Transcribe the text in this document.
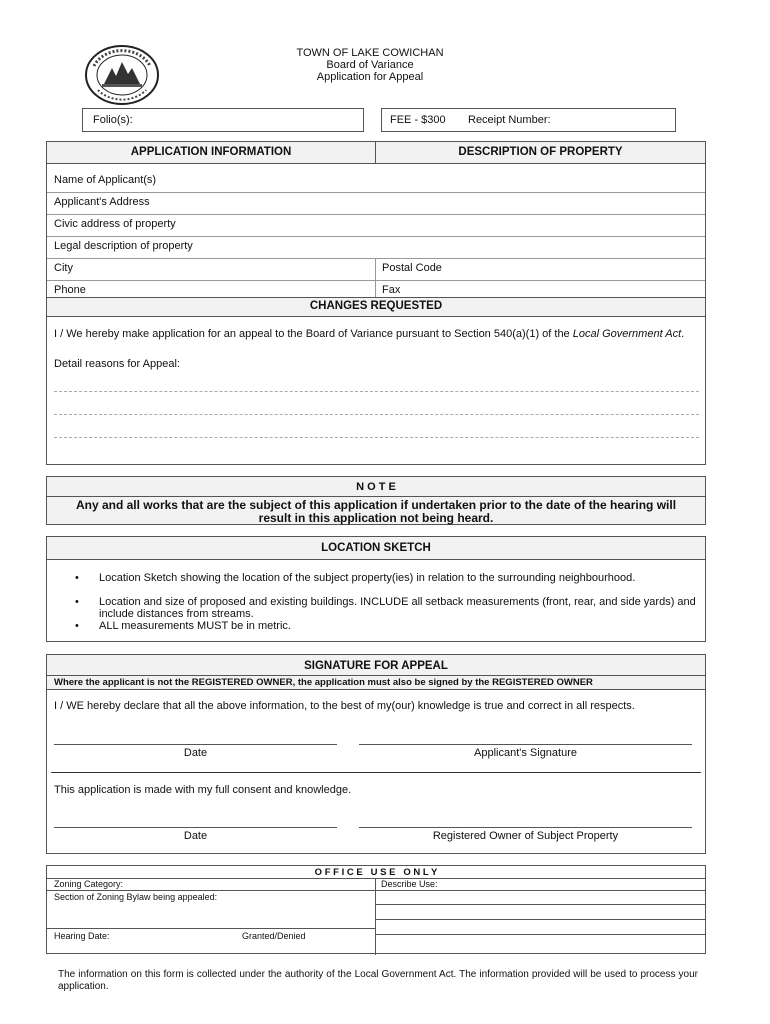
TOWN OF LAKE COWICHAN
Board of Variance
Application for Appeal
Folio(s):	FEE - $300 Receipt Number:
APPLICATION INFORMATION	DESCRIPTION OF PROPERTY
Name of Applicant(s)
Applicant's Address
Civic address of property
Legal description of property
City	Postal Code
Phone	Fax
CHANGES REQUESTED
I / We hereby make application for an appeal to the Board of Variance pursuant to Section 540(a)(1) of the Local Government Act.
Detail reasons for Appeal:
N O T E
Any and all works that are the subject of this application if undertaken prior to the date of the hearing will result in this application not being heard.
LOCATION SKETCH
• Location Sketch showing the location of the subject property(ies) in relation to the surrounding neighbourhood.
• Location and size of proposed and existing buildings. INCLUDE all setback measurements (front, rear, and side yards) and include distances from streams.
• ALL measurements MUST be in metric.
SIGNATURE FOR APPEAL
Where the applicant is not the REGISTERED OWNER, the application must also be signed by the REGISTERED OWNER
I / WE hereby declare that all the above information, to the best of my(our) knowledge is true and correct in all respects.
Date	Applicant's Signature
This application is made with my full consent and knowledge.
Date	Registered Owner of Subject Property
O F F I C E   U S E   O N L Y
Zoning Category:	Describe Use:
Section of Zoning Bylaw being appealed:
Hearing Date:	Granted/Denied
The information on this form is collected under the authority of the Local Government Act. The information provided will be used to process your application.
